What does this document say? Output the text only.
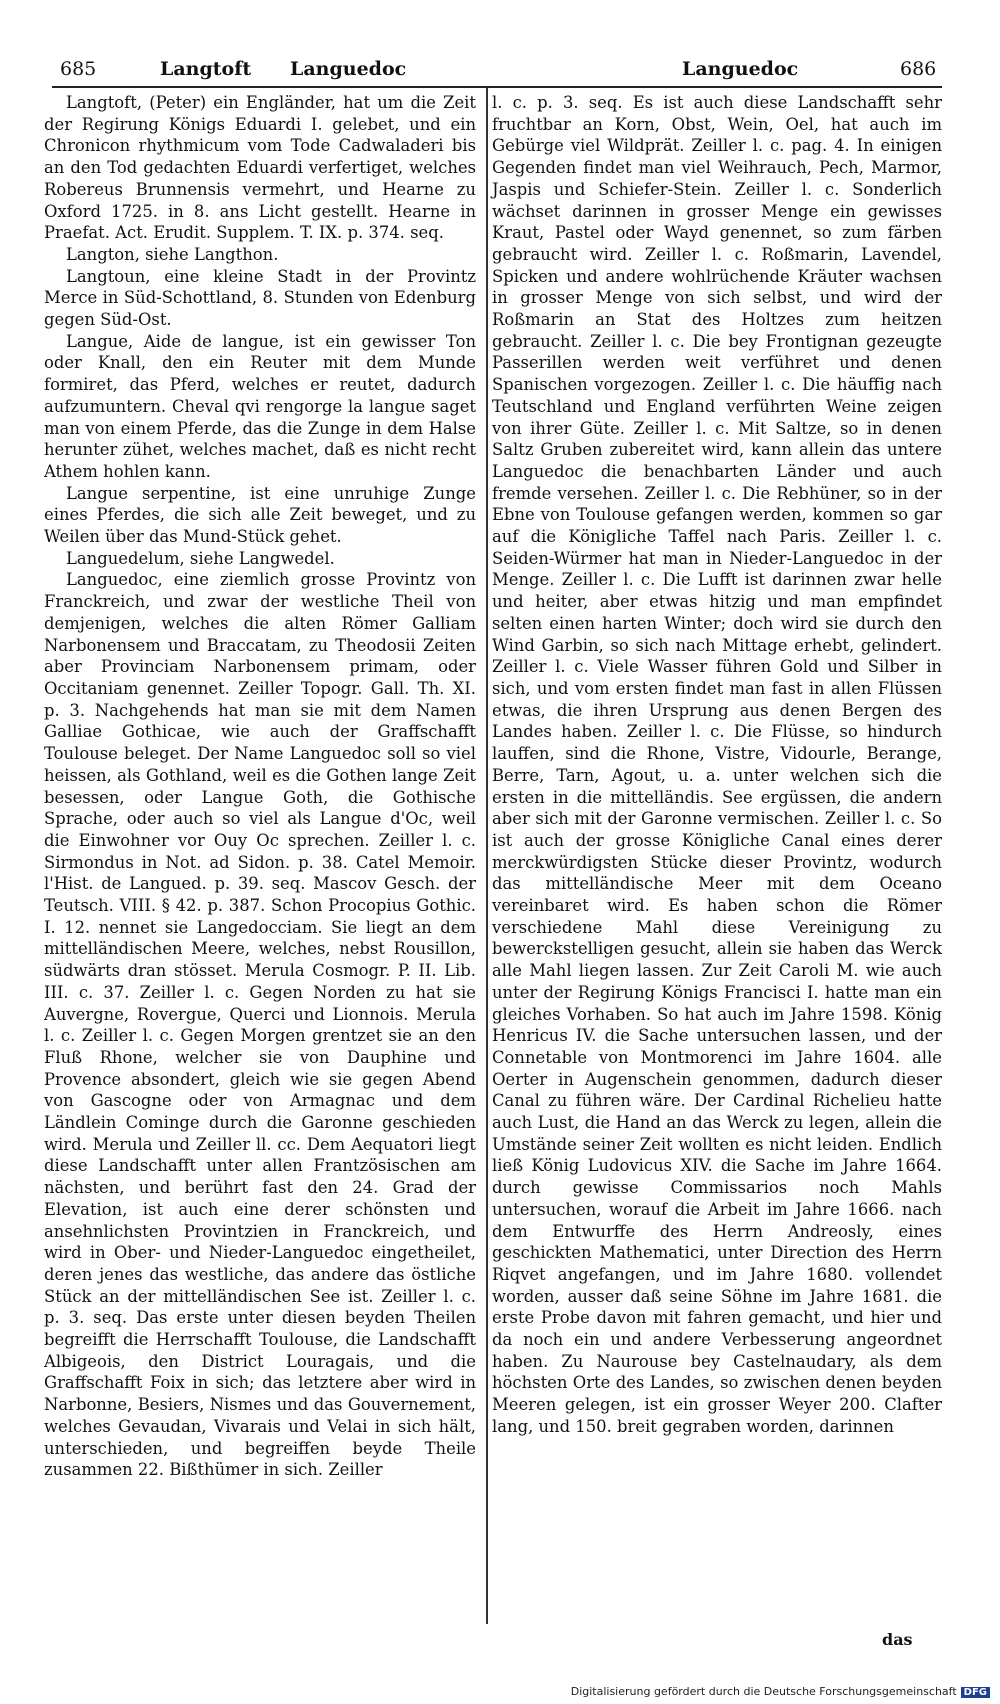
685	Langtoft Languedoc	Languedoc	686

Langtoft, (Peter) ein Engländer, hat um die Zeit der Regirung Königs Eduardi I. gelebet, und ein Chronicon rhythmicum vom Tode Cadwaladeri bis an den Tod gedachten Eduardi verfertiget, welches Robereus Brunnensis vermehrt, und Hearne zu Oxford 1725. in 8. ans Licht gestellt. Hearne in Praefat. Act. Erudit. Supplem. T. IX. p. 374. seq.

Langton, siehe Langthon.

Langtoun, eine kleine Stadt in der Provintz Merce in Süd-Schottland, 8. Stunden von Edenburg gegen Süd-Ost.

Langue, Aide de langue, ist ein gewisser Ton oder Knall, den ein Reuter mit dem Munde formiret, das Pferd, welches er reutet, dadurch aufzumuntern. Cheval qvi rengorge la langue saget man von einem Pferde, das die Zunge in dem Halse herunter zühet, welches machet, daß es nicht recht Athem hohlen kann.

Langue serpentine, ist eine unruhige Zunge eines Pferdes, die sich alle Zeit beweget, und zu Weilen über das Mund-Stück gehet.

Languedelum, siehe Langwedel.

Languedoc, eine ziemlich grosse Provintz von Franckreich, und zwar der westliche Theil von demjenigen, welches die alten Römer Galliam Narbonensem und Braccatam, zu Theodosii Zeiten aber Provinciam Narbonensem primam, oder Occitaniam genennet. Zeiller Topogr. Gall. Th. XI. p. 3. Nachgehends hat man sie mit dem Namen Galliae Gothicae, wie auch der Graffschafft Toulouse beleget. Der Name Languedoc soll so viel heissen, als Gothland, weil es die Gothen lange Zeit besessen, oder Langue Goth, die Gothische Sprache, oder auch so viel als Langue d'Oc, weil die Einwohner vor Ouy Oc sprechen. Zeiller l. c. Sirmondus in Not. ad Sidon. p. 38. Catel Memoir. l'Hist. de Langued. p. 39. seq. Mascov Gesch. der Teutsch. VIII. § 42. p. 387. Schon Procopius Gothic. I. 12. nennet sie Langedocciam. Sie liegt an dem mittelländischen Meere, welches, nebst Rousillon, südwärts dran stösset. Merula Cosmogr. P. II. Lib. III. c. 37. Zeiller l. c. Gegen Norden zu hat sie Auvergne, Rovergue, Querci und Lionnois. Merula l. c. Zeiller l. c. Gegen Morgen grentzet sie an den Fluß Rhone, welcher sie von Dauphine und Provence absondert, gleich wie sie gegen Abend von Gascogne oder von Armagnac und dem Ländlein Cominge durch die Garonne geschieden wird. Merula und Zeiller ll. cc. Dem Aequatori liegt diese Landschafft unter allen Frantzösischen am nächsten, und berührt fast den 24. Grad der Elevation, ist auch eine derer schönsten und ansehnlichsten Provintzien in Franckreich, und wird in Ober- und Nieder-Languedoc eingetheilet, deren jenes das westliche, das andere das östliche Stück an der mittelländischen See ist. Zeiller l. c. p. 3. seq. Das erste unter diesen beyden Theilen begreifft die Herrschafft Toulouse, die Landschafft Albigeois, den District Louragais, und die Graffschafft Foix in sich; das letztere aber wird in Narbonne, Besiers, Nismes und das Gouvernement, welches Gevaudan, Vivarais und Velai in sich hält, unterschieden, und begreiffen beyde Theile zusammen 22. Bißthümer in sich. Zeiller

l. c. p. 3. seq. Es ist auch diese Landschafft sehr fruchtbar an Korn, Obst, Wein, Oel, hat auch im Gebürge viel Wildprät. Zeiller l. c. pag. 4. In einigen Gegenden findet man viel Weihrauch, Pech, Marmor, Jaspis und Schiefer-Stein. Zeiller l. c. Sonderlich wächset darinnen in grosser Menge ein gewisses Kraut, Pastel oder Wayd genennet, so zum färben gebraucht wird. Zeiller l. c. Roßmarin, Lavendel, Spicken und andere wohlrüchende Kräuter wachsen in grosser Menge von sich selbst, und wird der Roßmarin an Stat des Holtzes zum heitzen gebraucht. Zeiller l. c. Die bey Frontignan gezeugte Passerillen werden weit verführet und denen Spanischen vorgezogen. Zeiller l. c. Die häuffig nach Teutschland und England verführten Weine zeigen von ihrer Güte. Zeiller l. c. Mit Saltze, so in denen Saltz Gruben zubereitet wird, kann allein das untere Languedoc die benachbarten Länder und auch fremde versehen. Zeiller l. c. Die Rebhüner, so in der Ebne von Toulouse gefangen werden, kommen so gar auf die Königliche Taffel nach Paris. Zeiller l. c. Seiden-Würmer hat man in Nieder-Languedoc in der Menge. Zeiller l. c. Die Lufft ist darinnen zwar helle und heiter, aber etwas hitzig und man empfindet selten einen harten Winter; doch wird sie durch den Wind Garbin, so sich nach Mittage erhebt, gelindert. Zeiller l. c. Viele Wasser führen Gold und Silber in sich, und vom ersten findet man fast in allen Flüssen etwas, die ihren Ursprung aus denen Bergen des Landes haben. Zeiller l. c. Die Flüsse, so hindurch lauffen, sind die Rhone, Vistre, Vidourle, Berange, Berre, Tarn, Agout, u. a. unter welchen sich die ersten in die mittelländis. See ergüssen, die andern aber sich mit der Garonne vermischen. Zeiller l. c. So ist auch der grosse Königliche Canal eines derer merckwürdigsten Stücke dieser Provintz, wodurch das mittelländische Meer mit dem Oceano vereinbaret wird. Es haben schon die Römer verschiedene Mahl diese Vereinigung zu bewerckstelligen gesucht, allein sie haben das Werck alle Mahl liegen lassen. Zur Zeit Caroli M. wie auch unter der Regirung Königs Francisci I. hatte man ein gleiches Vorhaben. So hat auch im Jahre 1598. König Henricus IV. die Sache untersuchen lassen, und der Connetable von Montmorenci im Jahre 1604. alle Oerter in Augenschein genommen, dadurch dieser Canal zu führen wäre. Der Cardinal Richelieu hatte auch Lust, die Hand an das Werck zu legen, allein die Umstände seiner Zeit wollten es nicht leiden. Endlich ließ König Ludovicus XIV. die Sache im Jahre 1664. durch gewisse Commissarios noch Mahls untersuchen, worauf die Arbeit im Jahre 1666. nach dem Entwurffe des Herrn Andreosly, eines geschickten Mathematici, unter Direction des Herrn Riqvet angefangen, und im Jahre 1680. vollendet worden, ausser daß seine Söhne im Jahre 1681. die erste Probe davon mit fahren gemacht, und hier und da noch ein und andere Verbesserung angeordnet haben. Zu Naurouse bey Castelnaudary, als dem höchsten Orte des Landes, so zwischen denen beyden Meeren gelegen, ist ein grosser Weyer 200. Clafter lang, und 150. breit gegraben worden, darinnen

das
Digitalisierung gefördert durch die Deutsche Forschungsgemeinschaft DFG
